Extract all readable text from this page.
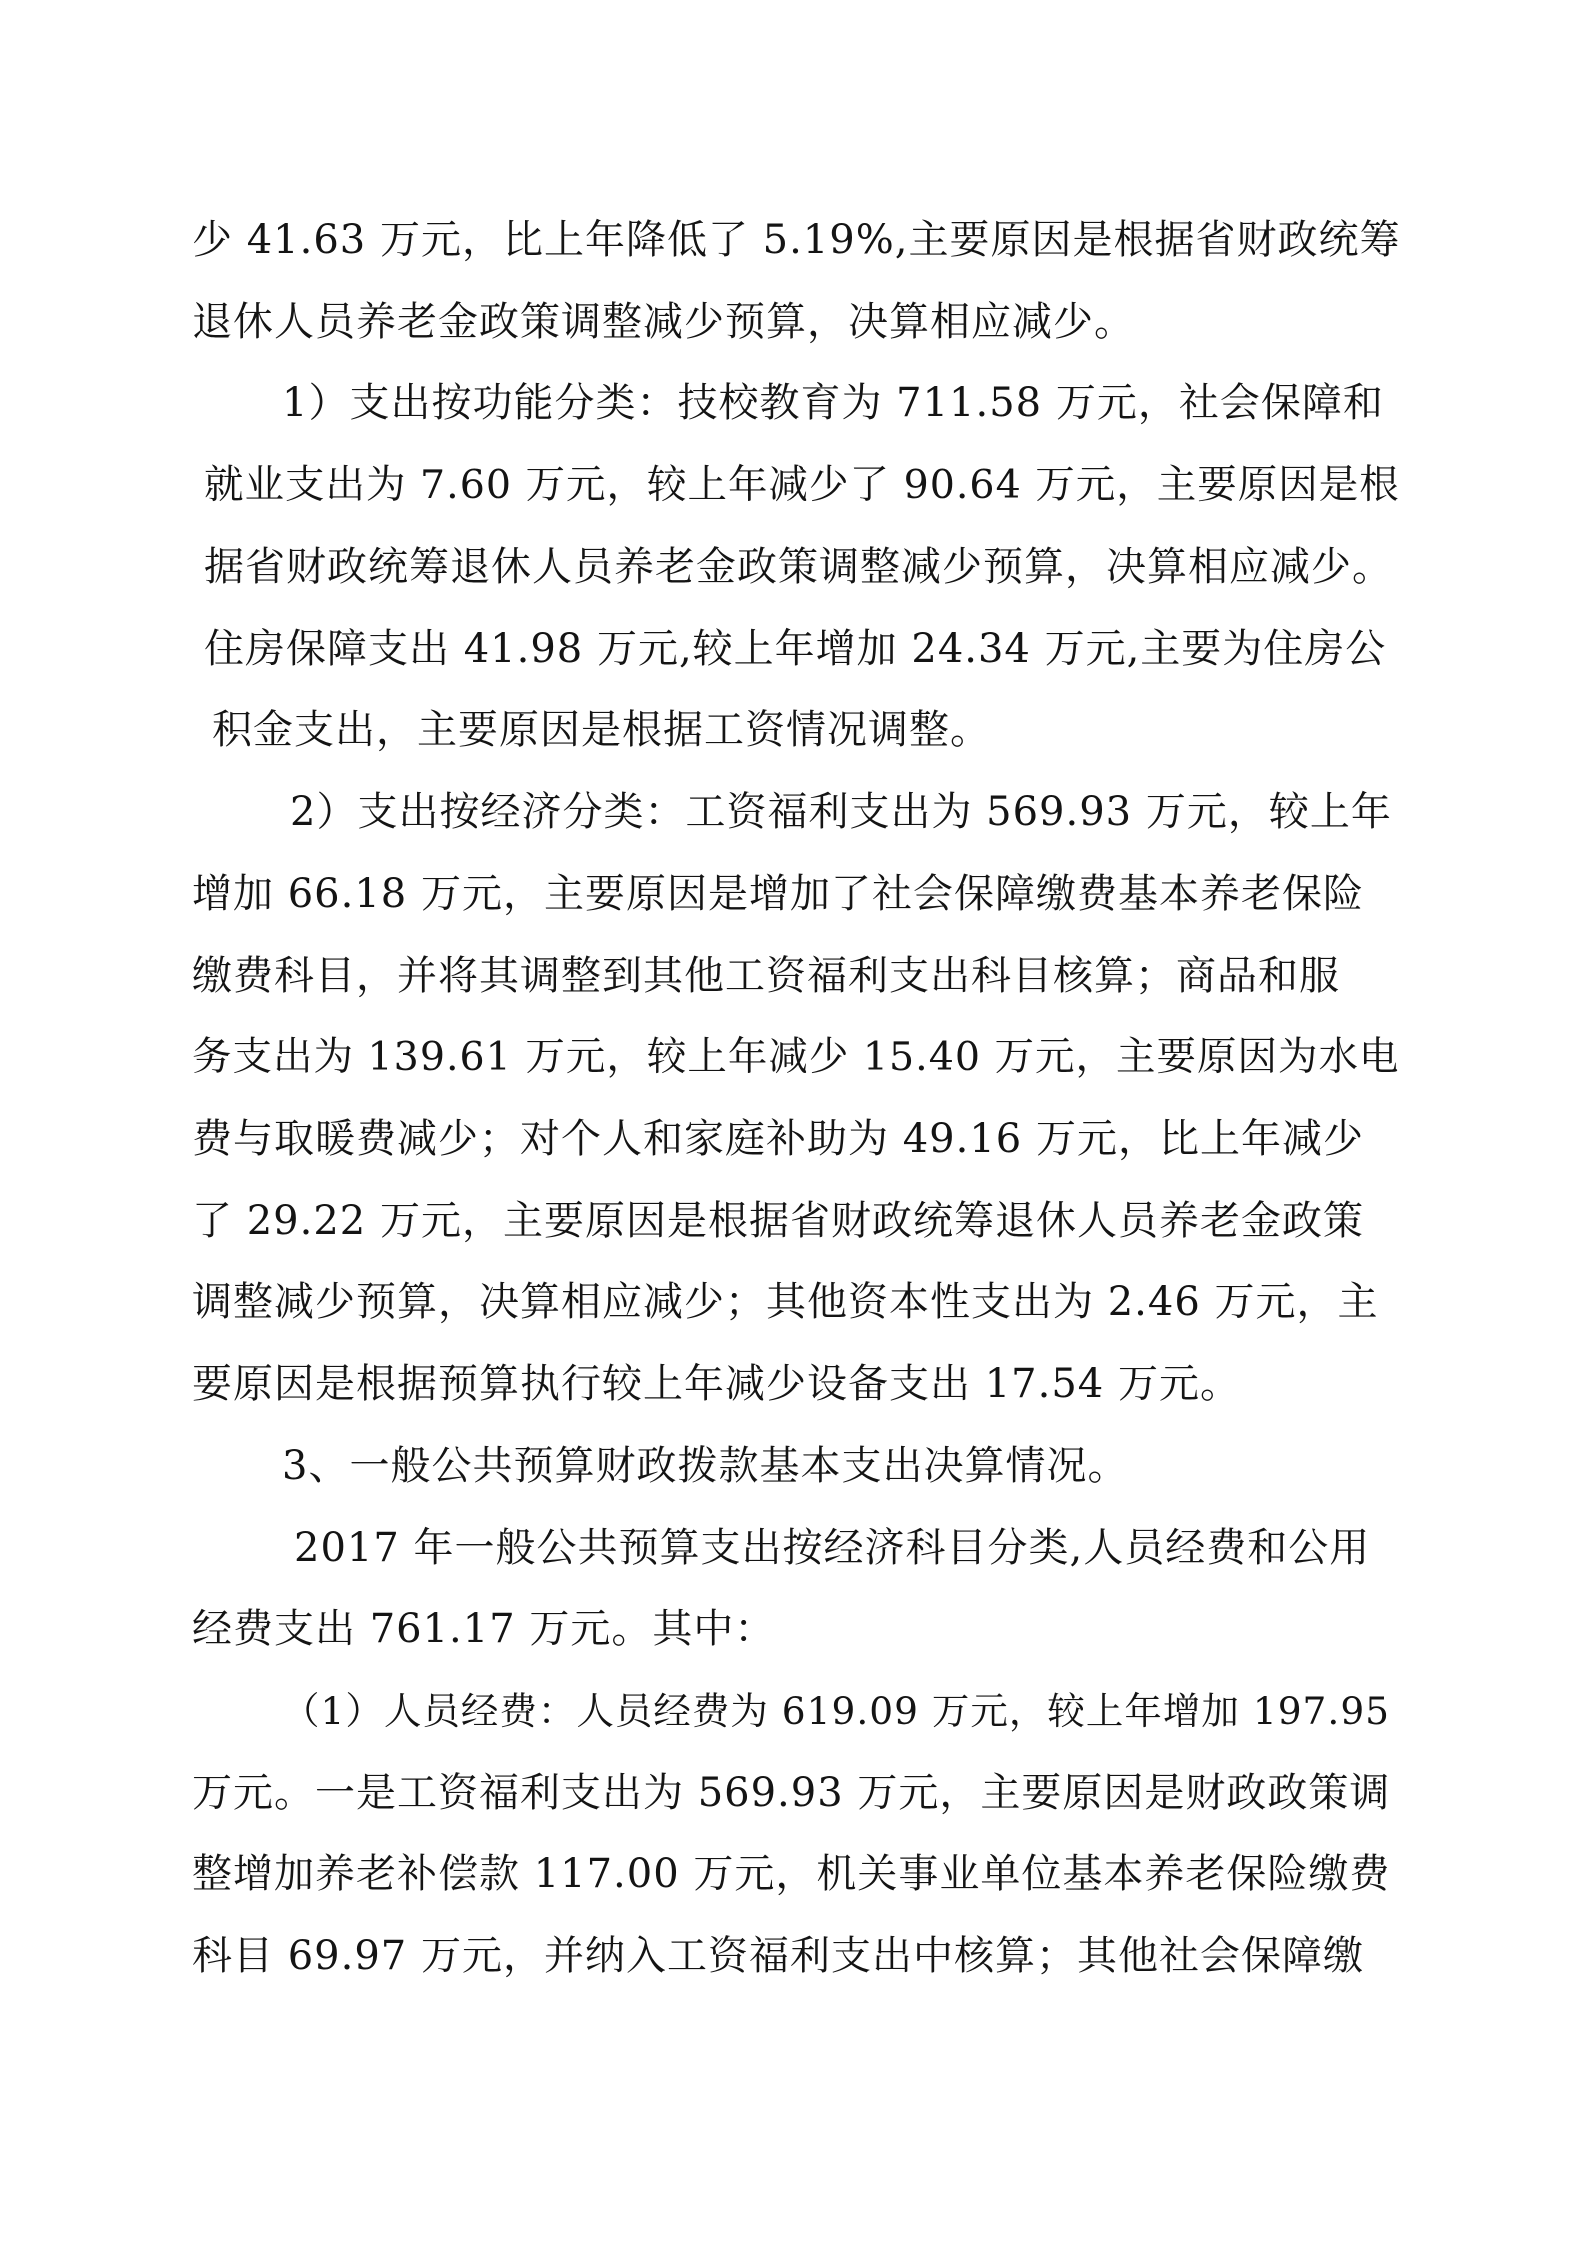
少 41.63 万元，比上年降低了 5.19%,主要原因是根据省财政统筹
退休人员养老金政策调整减少预算，决算相应减少。
1）支出按功能分类：技校教育为 711.58 万元，社会保障和
就业支出为 7.60 万元，较上年减少了 90.64 万元，主要原因是根
据省财政统筹退休人员养老金政策调整减少预算，决算相应减少。
住房保障支出 41.98 万元,较上年增加 24.34 万元,主要为住房公
积金支出，主要原因是根据工资情况调整。
2）支出按经济分类：工资福利支出为 569.93 万元，较上年
增加 66.18 万元，主要原因是增加了社会保障缴费基本养老保险
缴费科目，并将其调整到其他工资福利支出科目核算；商品和服
务支出为 139.61 万元，较上年减少 15.40 万元，主要原因为水电
费与取暖费减少；对个人和家庭补助为 49.16 万元，比上年减少
了 29.22 万元，主要原因是根据省财政统筹退休人员养老金政策
调整减少预算，决算相应减少；其他资本性支出为 2.46 万元，主
要原因是根据预算执行较上年减少设备支出 17.54 万元。
3、一般公共预算财政拨款基本支出决算情况。
2017 年一般公共预算支出按经济科目分类,人员经费和公用
经费支出 761.17 万元。其中：
（1）人员经费：人员经费为 619.09 万元，较上年增加 197.95
万元。一是工资福利支出为 569.93 万元，主要原因是财政政策调
整增加养老补偿款 117.00 万元，机关事业单位基本养老保险缴费
科目 69.97 万元，并纳入工资福利支出中核算；其他社会保障缴
